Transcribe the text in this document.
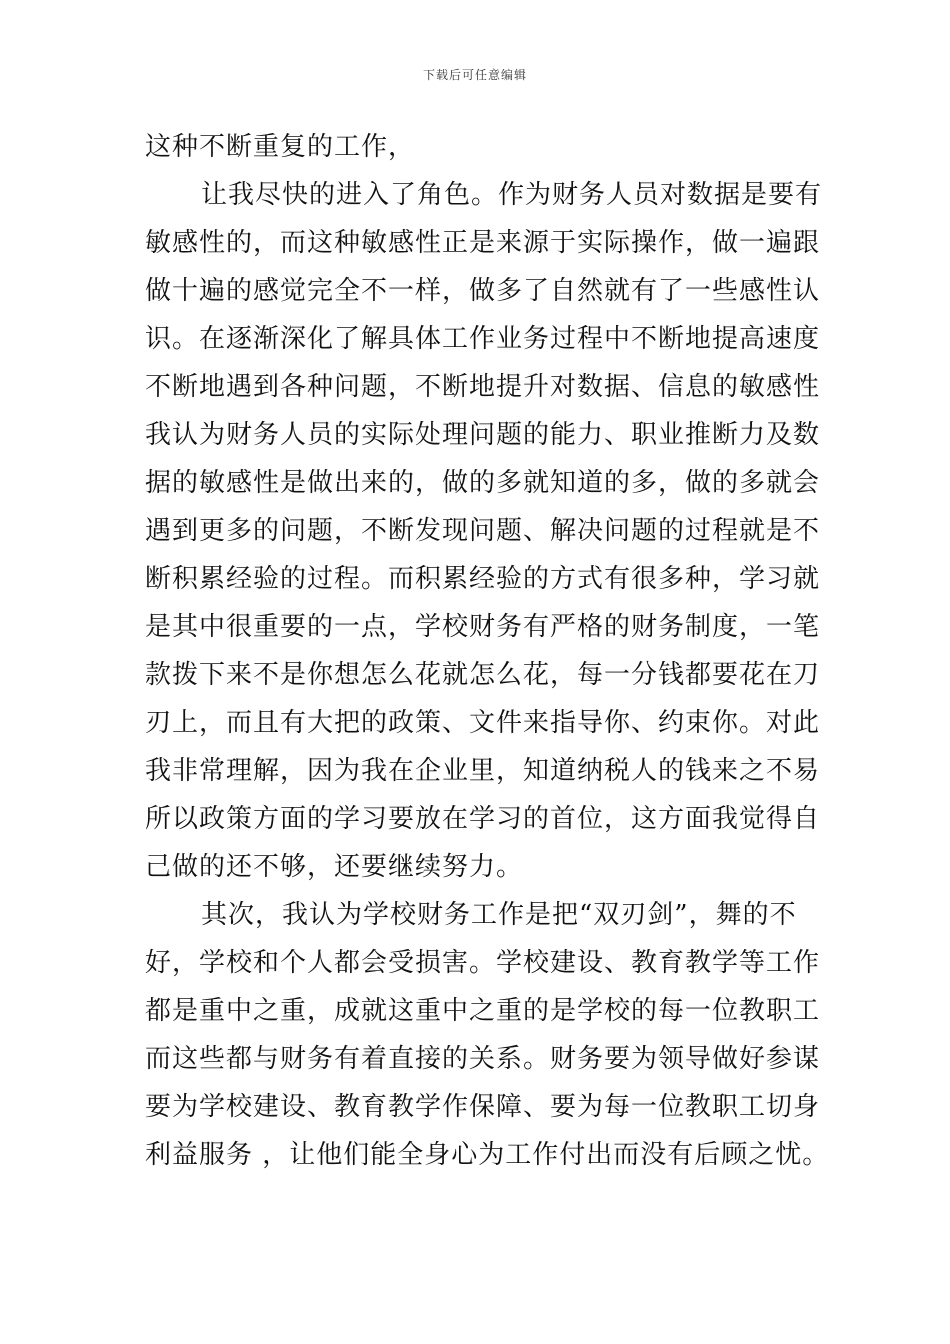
下载后可任意编辑
这种不断重复的工作，
让我尽快的进入了角色。作为财务人员对数据是要有
敏感性的，而这种敏感性正是来源于实际操作，做一遍跟
做十遍的感觉完全不一样，做多了自然就有了一些感性认
识。在逐渐深化了解具体工作业务过程中不断地提高速度
不断地遇到各种问题，不断地提升对数据、信息的敏感性
我认为财务人员的实际处理问题的能力、职业推断力及数
据的敏感性是做出来的，做的多就知道的多，做的多就会
遇到更多的问题，不断发现问题、解决问题的过程就是不
断积累经验的过程。而积累经验的方式有很多种，学习就
是其中很重要的一点，学校财务有严格的财务制度，一笔
款拨下来不是你想怎么花就怎么花，每一分钱都要花在刀
刃上，而且有大把的政策、文件来指导你、约束你。对此
我非常理解，因为我在企业里，知道纳税人的钱来之不易
所以政策方面的学习要放在学习的首位，这方面我觉得自
己做的还不够，还要继续努力。
其次，我认为学校财务工作是把“双刃剑”，舞的不
好，学校和个人都会受损害。学校建设、教育教学等工作
都是重中之重，成就这重中之重的是学校的每一位教职工
而这些都与财务有着直接的关系。财务要为领导做好参谋
要为学校建设、教育教学作保障、要为每一位教职工切身
利益服务 ，让他们能全身心为工作付出而没有后顾之忧。
